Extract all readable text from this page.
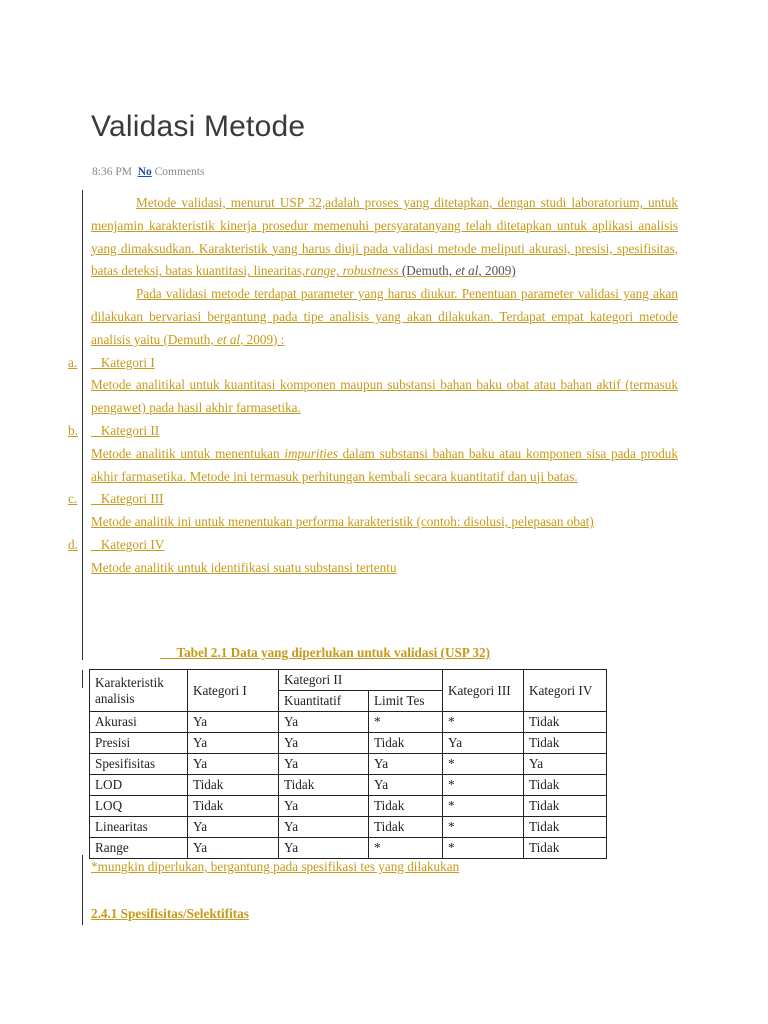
Validasi Metode
8:36 PM No Comments

Metode validasi, menurut USP 32,adalah proses yang ditetapkan, dengan studi laboratorium, untuk menjamin karakteristik kinerja prosedur memenuhi persyaratanyang telah ditetapkan untuk aplikasi analisis yang dimaksudkan. Karakteristik yang harus diuji pada validasi metode meliputi akurasi, presisi, spesifisitas, batas deteksi, batas kuantitasi, linearitas,range, robustness (Demuth, et al, 2009)

Pada validasi metode terdapat parameter yang harus diukur. Penentuan parameter validasi yang akan dilakukan bervariasi bergantung pada tipe analisis yang akan dilakukan. Terdapat empat kategori metode analisis yaitu (Demuth, et al, 2009) :

a. Kategori I

Metode analitikal untuk kuantitasi komponen maupun substansi bahan baku obat atau bahan aktif (termasuk pengawet) pada hasil akhir farmasetika.

b. Kategori II

Metode analitik untuk menentukan impurities dalam substansi bahan baku atau komponen sisa pada produk akhir farmasetika. Metode ini termasuk perhitungan kembali secara kuantitatif dan uji batas.

c. Kategori III

Metode analitik ini untuk menentukan performa karakteristik (contoh: disolusi, pelepasan obat)

d. Kategori IV

Metode analitik untuk identifikasi suatu substansi tertentu

Tabel 2.1 Data yang diperlukan untuk validasi (USP 32)
Karakteristik analisis	Kategori I	Kategori II		Kategori III	Kategori IV
		Kuantitatif	Limit Tes		
Akurasi	Ya	Ya	*	*	Tidak
Presisi	Ya	Ya	Tidak	Ya	Tidak
Spesifisitas	Ya	Ya	Ya	*	Ya
LOD	Tidak	Tidak	Ya	*	Tidak
LOQ	Tidak	Ya	Tidak	*	Tidak
Linearitas	Ya	Ya	Tidak	*	Tidak
Range	Ya	Ya	*	*	Tidak
*mungkin diperlukan, bergantung pada spesifikasi tes yang dilakukan
2.4.1 Spesifisitas/Selektifitas
